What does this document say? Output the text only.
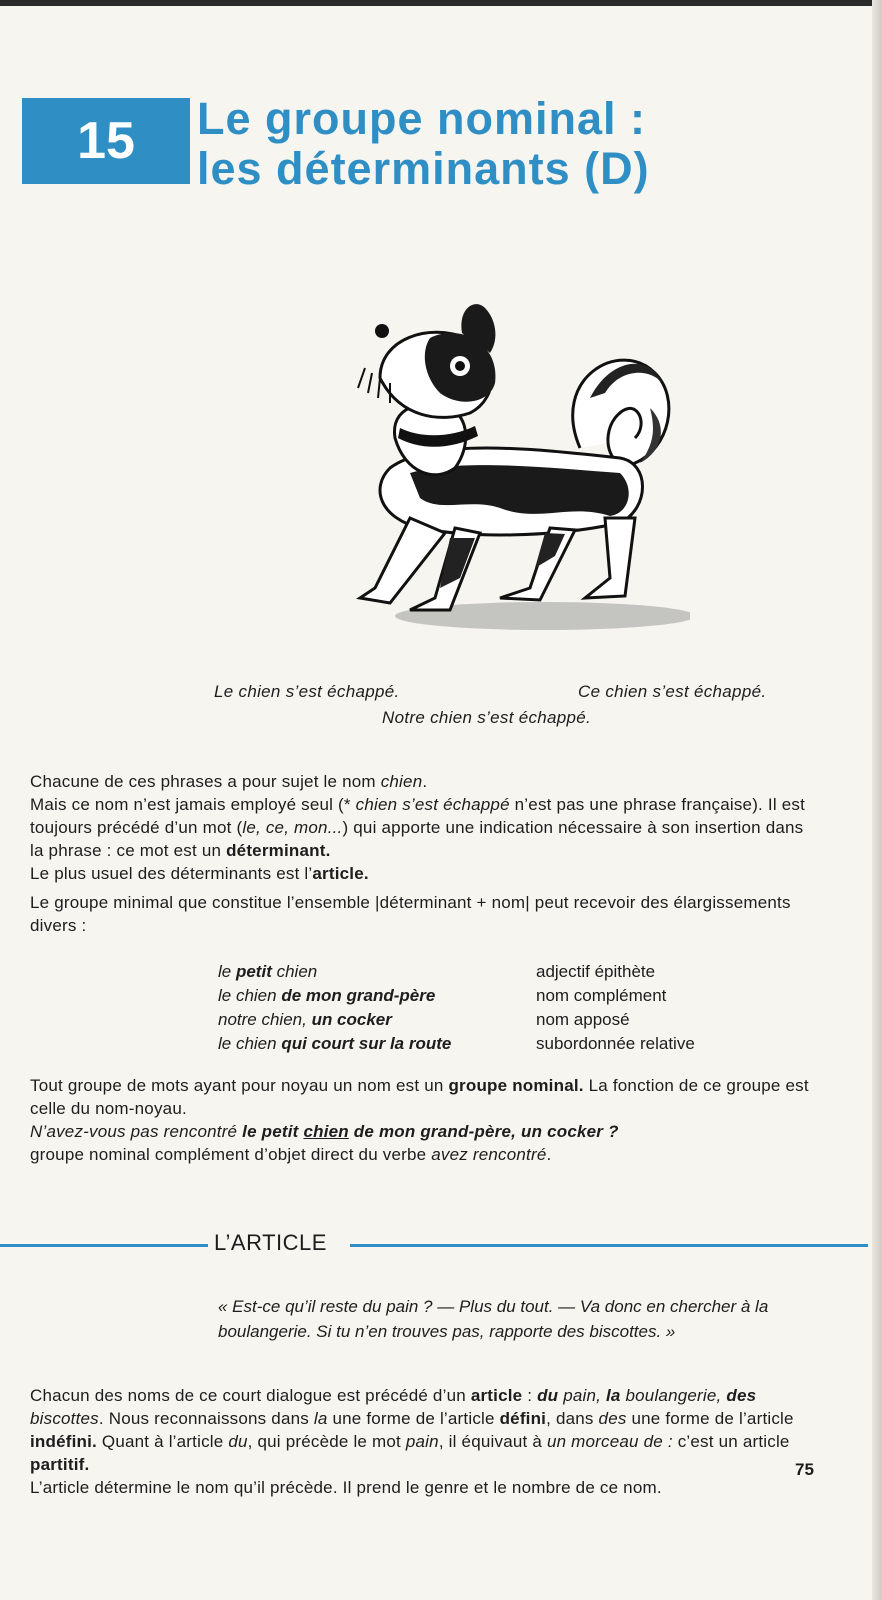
15	Le groupe nominal :
les déterminants (D)
Le chien s’est échappé.	Ce chien s’est échappé.
Notre chien s’est échappé.

Chacune de ces phrases a pour sujet le nom chien.

Mais ce nom n’est jamais employé seul (* chien s’est échappé n’est pas une phrase française). Il est toujours précédé d’un mot (le, ce, mon...) qui apporte une indication nécessaire à son insertion dans la phrase : ce mot est un déterminant.

Le plus usuel des déterminants est l’article.

Le groupe minimal que constitue l’ensemble |déterminant + nom| peut recevoir des élargissements divers :

le petit chien	adjectif épithète
le chien de mon grand-père	nom complément
notre chien, un cocker	nom apposé
le chien qui court sur la route	subordonnée relative

Tout groupe de mots ayant pour noyau un nom est un groupe nominal. La fonction de ce groupe est celle du nom-noyau.

N’avez-vous pas rencontré le petit chien de mon grand-père, un cocker ?

groupe nominal complément d’objet direct du verbe avez rencontré.

L’ARTICLE
« Est-ce qu’il reste du pain ? — Plus du tout. — Va donc en chercher à la boulangerie. Si tu n’en trouves pas, rapporte des biscottes. »

Chacun des noms de ce court dialogue est précédé d’un article : du pain, la boulangerie, des biscottes. Nous reconnaissons dans la une forme de l’article défini, dans des une forme de l’article indéfini. Quant à l’article du, qui précède le mot pain, il équivaut à un morceau de : c’est un article partitif.

L’article détermine le nom qu’il précède. Il prend le genre et le nombre de ce nom.

75
